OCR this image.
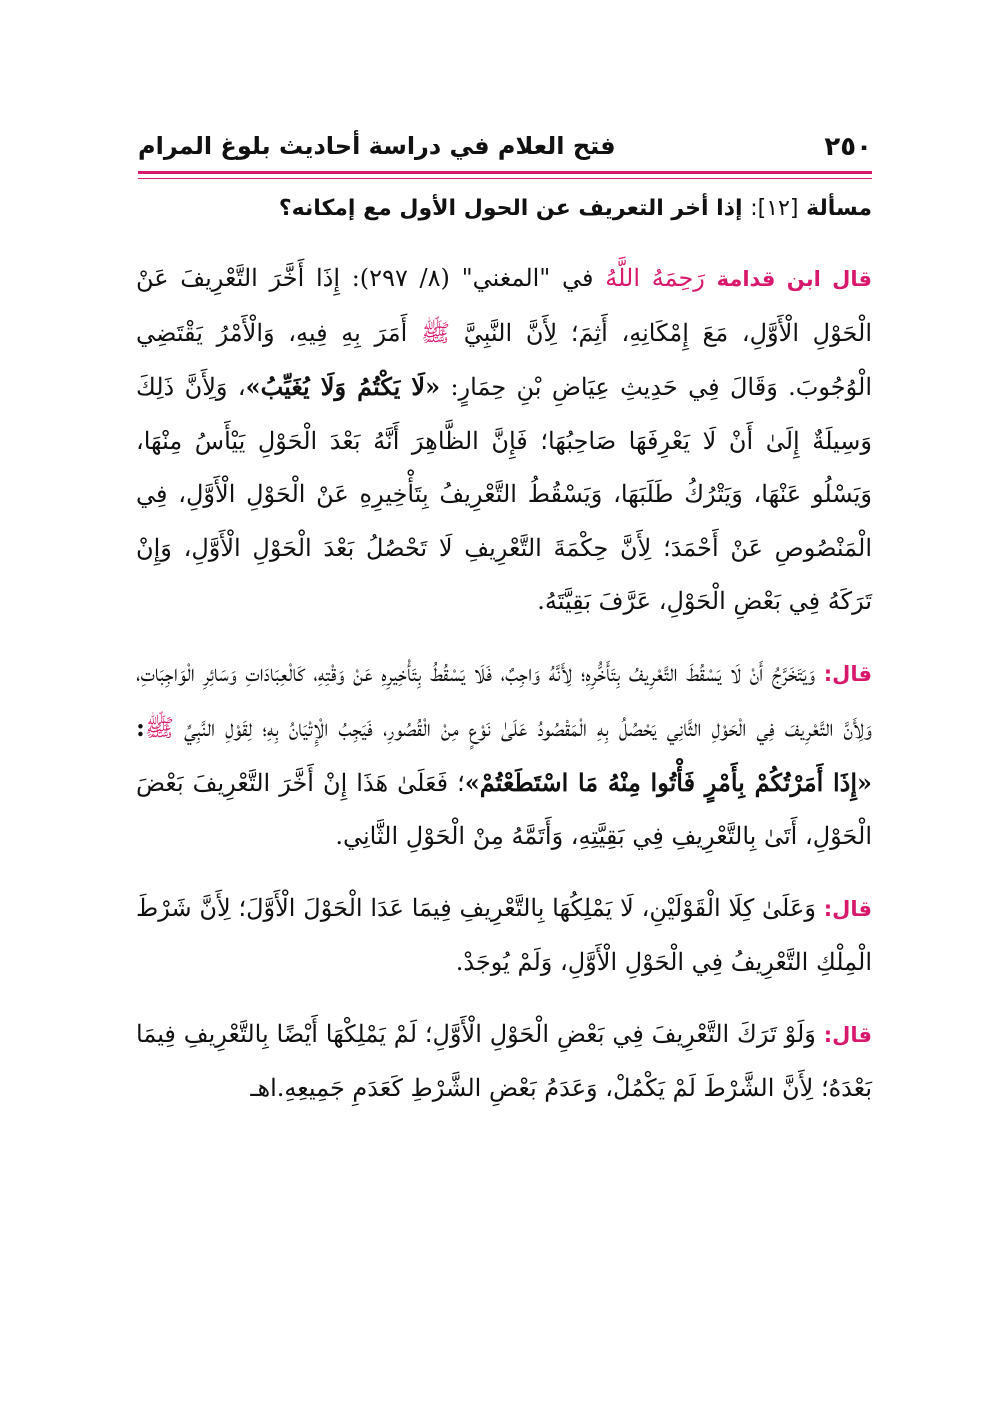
٢٥٠
فتح العلام في دراسة أحاديث بلوغ المرام
مسألة [١٢]: إذا أخر التعريف عن الحول الأول مع إمكانه؟

قال ابن قدامة رَحِمَهُ اللَّهُ في "المغني" (٨/ ٢٩٧): إِذَا أَخَّرَ التَّعْرِيفَ عَنْ الْحَوْلِ الْأَوَّلِ، مَعَ إِمْكَانِهِ، أَثِمَ؛ لِأَنَّ النَّبِيَّ ﷺ أَمَرَ بِهِ فِيهِ، وَالْأَمْرُ يَقْتَضِي الْوُجُوبَ. وَقَالَ فِي حَدِيثِ عِيَاضِ بْنِ حِمَارٍ: «لَا يَكْتُمُ وَلَا يُغَيِّبُ»، وَلِأَنَّ ذَلِكَ وَسِيلَةٌ إِلَىٰ أَنْ لَا يَعْرِفَهَا صَاحِبُهَا؛ فَإِنَّ الظَّاهِرَ أَنَّهُ بَعْدَ الْحَوْلِ يَيْأَسُ مِنْهَا، وَيَسْلُو عَنْهَا، وَيَتْرُكُ طَلَبَهَا، وَيَسْقُطُ التَّعْرِيفُ بِتَأْخِيرِهِ عَنْ الْحَوْلِ الْأَوَّلِ، فِي الْمَنْصُوصِ عَنْ أَحْمَدَ؛ لِأَنَّ حِكْمَةَ التَّعْرِيفِ لَا تَحْصُلُ بَعْدَ الْحَوْلِ الْأَوَّلِ، وَإِنْ تَرَكَهُ فِي بَعْضِ الْحَوْلِ، عَرَّفَ بَقِيَّتَهُ.

قال: وَيَتَخَرَّجُ أَنْ لَا يَسْقُطَ التَّعْرِيفُ بِتَأَخُّرِهِ؛ لِأَنَّهُ وَاجِبٌ، فَلَا يَسْقُطُ بِتَأْخِيرِهِ عَنْ وَقْتِهِ، كَالْعِبَادَاتِ وَسَائِرِ الْوَاجِبَاتِ، وَلِأَنَّ التَّعْرِيفَ فِي الْحَوْلِ الثَّانِي يَحْصُلُ بِهِ الْمَقْصُودُ عَلَىٰ نَوْعٍ مِنْ الْقُصُورِ، فَيَجِبُ الْإِتْيَانُ بِهِ؛ لِقَوْلِ النَّبِيِّ ﷺ: «إِذَا أَمَرْتُكُمْ بِأَمْرٍ فَأْتُوا مِنْهُ مَا اسْتَطَعْتُمْ»؛ فَعَلَىٰ هَذَا إِنْ أَخَّرَ التَّعْرِيفَ بَعْضَ الْحَوْلِ، أَتَىٰ بِالتَّعْرِيفِ فِي بَقِيَّتِهِ، وَأَتَمَّهُ مِنْ الْحَوْلِ الثَّانِي.

قال: وَعَلَىٰ كِلَا الْقَوْلَيْنِ، لَا يَمْلِكُهَا بِالتَّعْرِيفِ فِيمَا عَدَا الْحَوْلَ الْأَوَّلَ؛ لِأَنَّ شَرْطَ الْمِلْكِ التَّعْرِيفُ فِي الْحَوْلِ الْأَوَّلِ، وَلَمْ يُوجَدْ.

قال: وَلَوْ تَرَكَ التَّعْرِيفَ فِي بَعْضِ الْحَوْلِ الْأَوَّلِ؛ لَمْ يَمْلِكْهَا أَيْضًا بِالتَّعْرِيفِ فِيمَا بَعْدَهُ؛ لِأَنَّ الشَّرْطَ لَمْ يَكْمُلْ، وَعَدَمُ بَعْضِ الشَّرْطِ كَعَدَمِ جَمِيعِهِ.اهـ
